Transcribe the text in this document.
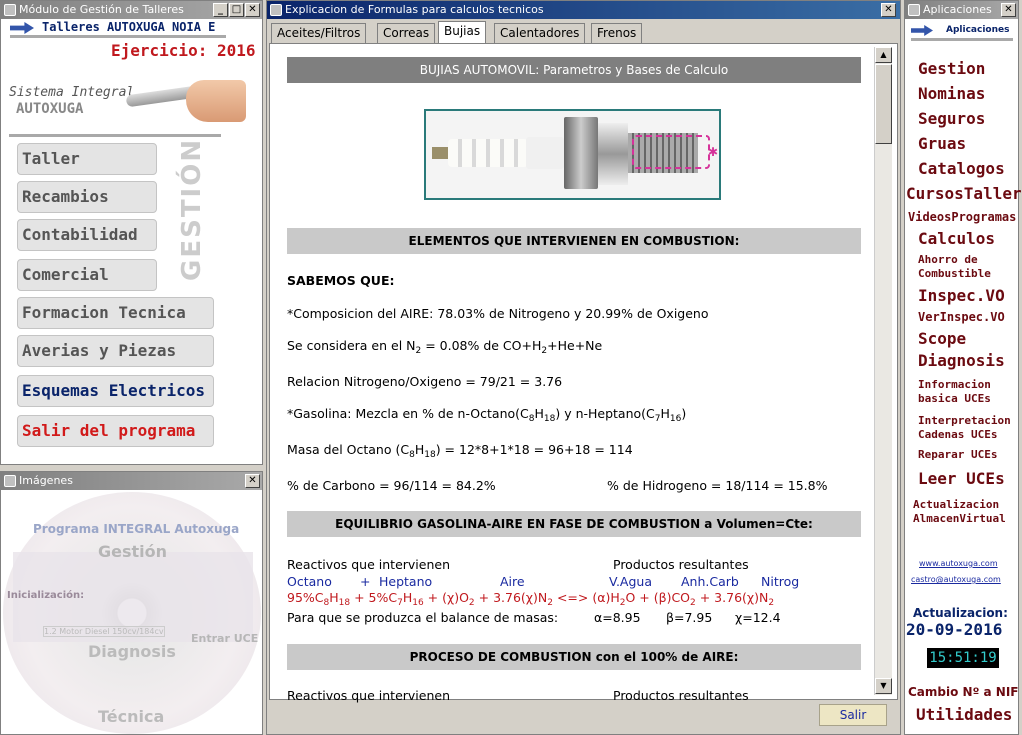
Módulo de Gestión de Talleres	_ □ ✕
Talleres AUTOXUGA NOIA E
Ejercicio: 2016
Sistema Integral
AUTOXUGA
GESTIÓN
Taller
Recambios
Contabilidad
Comercial
Formacion Tecnica
Averias y Piezas
Esquemas Electricos
Salir del programa
Imágenes	✕
Programa INTEGRAL Autoxuga
Gestión
Inicialización:
1.2 Motor Diesel 150cv/184cv
Entrar UCE
Diagnosis
Técnica
Explicacion de Formulas para calculos tecnicos	✕
Aceites/Filtros	Correas	Bujias	Calentadores	Frenos
▲
▼
Salir
BUJIAS AUTOMOVIL: Parametros y Bases de Calculo
✱
ELEMENTOS QUE INTERVIENEN EN COMBUSTION:
SABEMOS QUE:
*Composicion del AIRE: 78.03% de Nitrogeno y 20.99% de Oxigeno
Se considera en el $N_2 = 0.08\%$ de $CO+H_2+He+Ne$
Relacion Nitrogeno/Oxigeno = 79/21 = 3.76
*Gasolina: Mezcla en % de $n-Octano(C_8H_{18})$ y $n-Heptano(C_7H_{16})$
Masa del Octano $(C_8H_{18}) = 12*8+1*18 = 96+18 = 114$
% de Carbono = 96/114 = 84.2%	% de Hidrogeno = 18/114 = 15.8%
EQUILIBRIO GASOLINA-AIRE EN FASE DE COMBUSTION a Volumen=Cte:
Reactivos que intervienen	Productos resultantes
Octano + Heptano	Aire	V.Agua Anh.Carb Nitrog
$95\%C_8H_{18} + 5\%C_7H_{16} + (\chi)O_2 + 3.76(\chi)N_2$ <=> $(\alpha)H_2O + (\beta)CO_2 + 3.76(\chi)N_2$
Para que se produzca el balance de masas:	α=8.95 β=7.95 χ=12.4
PROCESO DE COMBUSTION con el 100% de AIRE:
Reactivos que intervienen	Productos resultantes
Aplicaciones	✕
Aplicaciones
Gestion
Nominas
Seguros
Gruas
Catalogos
CursosTaller
VideosProgramas
Calculos
Ahorro de
Combustible
Inspec.VO
VerInspec.VO
Scope
Diagnosis
Informacion
basica UCEs
Interpretacion
Cadenas UCEs
Reparar UCEs
Leer UCEs
Actualizacion
AlmacenVirtual
www.autoxuga.com
castro@autoxuga.com
Actualizacion:
20-09-2016
15:51:19
Cambio Nº a NIF
Utilidades
